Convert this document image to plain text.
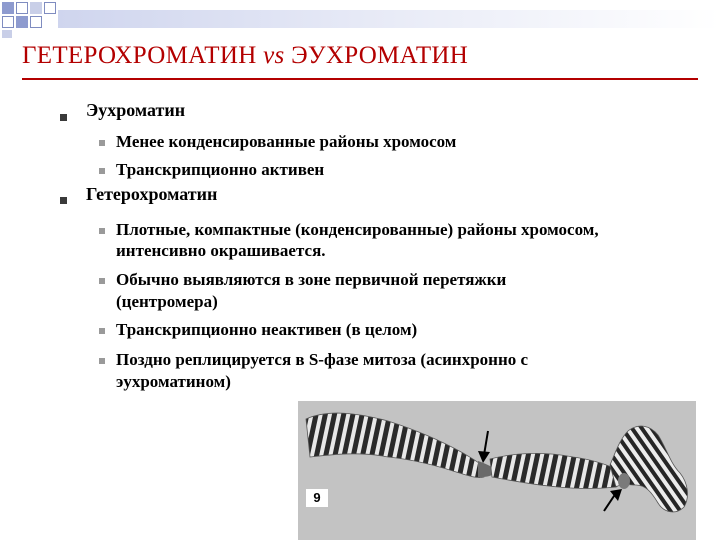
ГЕТЕРОХРОМАТИН vs ЭУХРОМАТИН
Эухроматин
Менее конденсированные районы хромосом
Транскрипционно активен
Гетерохроматин
Плотные, компактные (конденсированные) районы хромосом,
интенсивно окрашивается.
Обычно выявляются в зоне первичной перетяжки
(центромера)
Транскрипционно неактивен (в целом)
Поздно реплицируется в S-фазе митоза (асинхронно с
эухроматином)
9
